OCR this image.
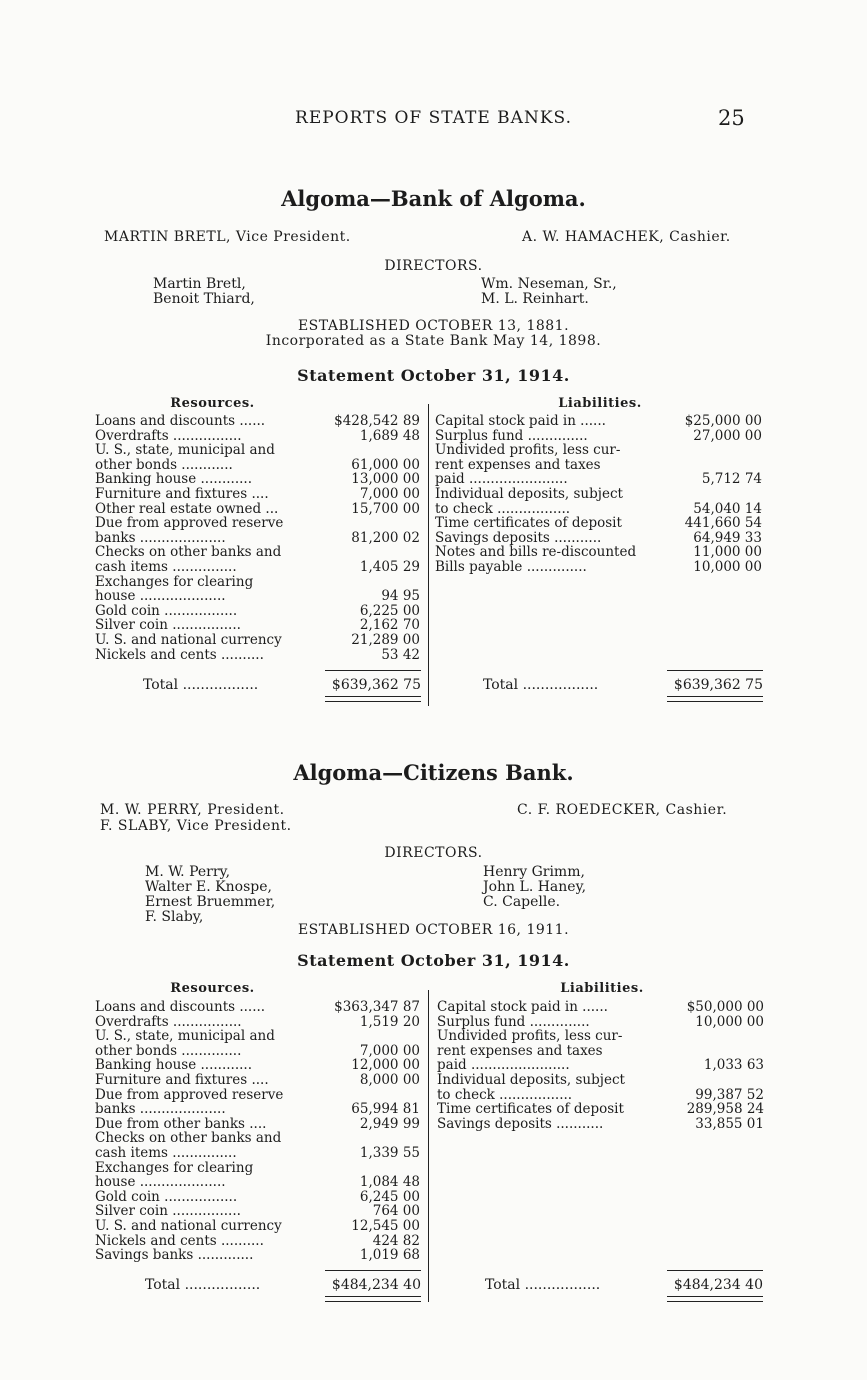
REPORTS OF STATE BANKS.	25
Algoma—Bank of Algoma.
MARTIN BRETL, Vice President.	A. W. HAMACHEK, Cashier.
DIRECTORS.
Martin Bretl,
Benoit Thiard,
Wm. Neseman, Sr.,
M. L. Reinhart.
ESTABLISHED OCTOBER 13, 1881.
Incorporated as a State Bank May 14, 1898.
Statement October 31, 1914.
Resources.	Liabilities.
Loans and discounts ......	$428,542 89
Overdrafts ................	1,689 48
U. S., state, municipal and
other bonds ............	61,000 00
Banking house ............	13,000 00
Furniture and fixtures ....	7,000 00
Other real estate owned ...	15,700 00
Due from approved reserve
banks ....................	81,200 02
Checks on other banks and
cash items ...............	1,405 29
Exchanges for clearing
house ....................	94 95
Gold coin .................	6,225 00
Silver coin ................	2,162 70
U. S. and national currency	21,289 00
Nickels and cents ..........	53 42
Capital stock paid in ......	$25,000 00
Surplus fund ..............	27,000 00
Undivided profits, less cur-
rent expenses and taxes
paid .......................	5,712 74
Individual deposits, subject
to check .................	54,040 14
Time certificates of deposit	441,660 54
Savings deposits ...........	64,949 33
Notes and bills re-discounted	11,000 00
Bills payable ..............	10,000 00
Total .................	$639,362 75	Total .................	$639,362 75
Algoma—Citizens Bank.
M. W. PERRY, President.
F. SLABY, Vice President.
C. F. ROEDECKER, Cashier.
DIRECTORS.
M. W. Perry,
Walter E. Knospe,
Ernest Bruemmer,
F. Slaby,
Henry Grimm,
John L. Haney,
C. Capelle.
ESTABLISHED OCTOBER 16, 1911.
Statement October 31, 1914.
Resources.	Liabilities.
Loans and discounts ......	$363,347 87
Overdrafts ................	1,519 20
U. S., state, municipal and
other bonds ..............	7,000 00
Banking house ............	12,000 00
Furniture and fixtures ....	8,000 00
Due from approved reserve
banks ....................	65,994 81
Due from other banks ....	2,949 99
Checks on other banks and
cash items ...............	1,339 55
Exchanges for clearing
house ....................	1,084 48
Gold coin .................	6,245 00
Silver coin ................	764 00
U. S. and national currency	12,545 00
Nickels and cents ..........	424 82
Savings banks .............	1,019 68
Capital stock paid in ......	$50,000 00
Surplus fund ..............	10,000 00
Undivided profits, less cur-
rent expenses and taxes
paid .......................	1,033 63
Individual deposits, subject
to check .................	99,387 52
Time certificates of deposit	289,958 24
Savings deposits ...........	33,855 01
Total .................	$484,234 40	Total .................	$484,234 40
